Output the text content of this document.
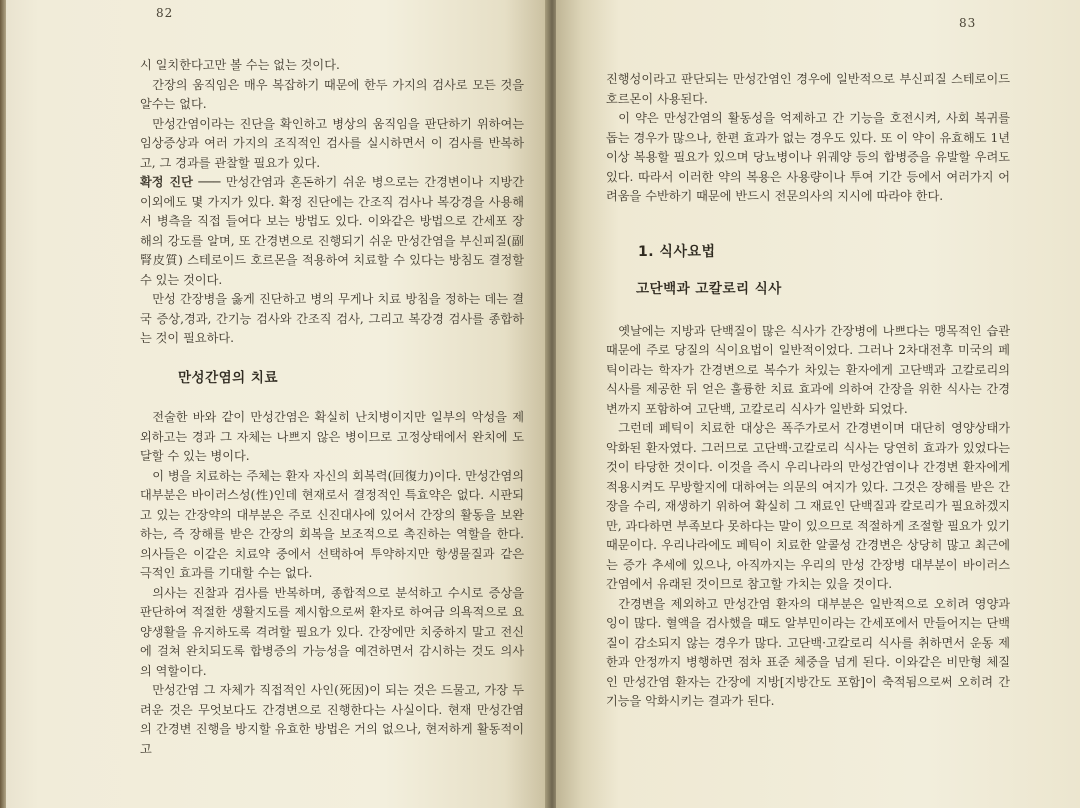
82

시 일치한다고만 볼 수는 없는 것이다.

간장의 움직임은 매우 복잡하기 때문에 한두 가지의 검사로 모든 것을 알수는 없다.

만성간염이라는 진단을 확인하고 병상의 움직임을 판단하기 위하여는 임상증상과 여러 가지의 조직적인 검사를 실시하면서 이 검사를 반복하고, 그 경과를 관찰할 필요가 있다.

확정 진단 ─── 만성간염과 혼돈하기 쉬운 병으로는 간경변이나 지방간 이외에도 몇 가지가 있다. 확정 진단에는 간조직 검사나 복강경을 사용해서 병측을 직접 들여다 보는 방법도 있다. 이와같은 방법으로 간세포 장해의 강도를 알며, 또 간경변으로 진행되기 쉬운 만성간염을 부신피질(副腎皮質) 스테로이드 호르몬을 적용하여 치료할 수 있다는 방침도 결정할 수 있는 것이다.

만성 간장병을 옳게 진단하고 병의 무게나 치료 방침을 정하는 데는 결국 증상,경과, 간기능 검사와 간조직 검사, 그리고 복강경 검사를 종합하는 것이 필요하다.

만성간염의 치료

전술한 바와 같이 만성간염은 확실히 난치병이지만 일부의 악성을 제외하고는 경과 그 자체는 나쁘지 않은 병이므로 고정상태에서 완치에 도달할 수 있는 병이다.

이 병을 치료하는 주체는 환자 자신의 회복력(回復力)이다. 만성간염의 대부분은 바이러스성(性)인데 현재로서 결정적인 특효약은 없다. 시판되고 있는 간장약의 대부분은 주로 신진대사에 있어서 간장의 활동을 보완하는, 즉 장해를 받은 간장의 회복을 보조적으로 촉진하는 역할을 한다. 의사들은 이같은 치료약 중에서 선택하여 투약하지만 항생물질과 같은 극적인 효과를 기대할 수는 없다.

의사는 진찰과 검사를 반복하며, 종합적으로 분석하고 수시로 증상을 판단하여 적절한 생활지도를 제시함으로써 환자로 하여금 의욕적으로 요양생활을 유지하도록 격려할 필요가 있다. 간장에만 치중하지 말고 전신에 걸쳐 완치되도록 합병증의 가능성을 예견하면서 감시하는 것도 의사의 역할이다.

만성간염 그 자체가 직접적인 사인(死因)이 되는 것은 드물고, 가장 두려운 것은 무엇보다도 간경변으로 진행한다는 사실이다. 현재 만성간염의 간경변 진행을 방지할 유효한 방법은 거의 없으나, 현저하게 활동적이고

83

진행성이라고 판단되는 만성간염인 경우에 일반적으로 부신피질 스테로이드 호르몬이 사용된다.

이 약은 만성간염의 활동성을 억제하고 간 기능을 호전시켜, 사회 복귀를 돕는 경우가 많으나, 한편 효과가 없는 경우도 있다. 또 이 약이 유효해도 1년 이상 복용할 필요가 있으며 당뇨병이나 위궤양 등의 합병증을 유발할 우려도 있다. 따라서 이러한 약의 복용은 사용량이나 투여 기간 등에서 여러가지 어려움을 수반하기 때문에 반드시 전문의사의 지시에 따라야 한다.

1. 식사요법
고단백과 고칼로리 식사

옛날에는 지방과 단백질이 많은 식사가 간장병에 나쁘다는 맹목적인 습관때문에 주로 당질의 식이요법이 일반적이었다. 그러나 2차대전후 미국의 페틱이라는 학자가 간경변으로 복수가 차있는 환자에게 고단백과 고칼로리의 식사를 제공한 뒤 얻은 훌륭한 치료 효과에 의하여 간장을 위한 식사는 간경변까지 포함하여 고단백, 고칼로리 식사가 일반화 되었다.

그런데 페틱이 치료한 대상은 폭주가로서 간경변이며 대단히 영양상태가 악화된 환자였다. 그러므로 고단백·고칼로리 식사는 당연히 효과가 있었다는 것이 타당한 것이다. 이것을 즉시 우리나라의 만성간염이나 간경변 환자에게 적용시켜도 무방할지에 대하여는 의문의 여지가 있다. 그것은 장해를 받은 간장을 수리, 재생하기 위하여 확실히 그 재료인 단백질과 칼로리가 필요하겠지만, 과다하면 부족보다 못하다는 말이 있으므로 적절하게 조절할 필요가 있기 때문이다. 우리나라에도 페틱이 치료한 알콜성 간경변은 상당히 많고 최근에는 증가 추세에 있으나, 아직까지는 우리의 만성 간장병 대부분이 바이러스 간염에서 유래된 것이므로 참고할 가치는 있을 것이다.

간경변을 제외하고 만성간염 환자의 대부분은 일반적으로 오히려 영양과잉이 많다. 혈액을 검사했을 때도 알부민이라는 간세포에서 만들어지는 단백질이 감소되지 않는 경우가 많다. 고단백·고칼로리 식사를 취하면서 운동 제한과 안정까지 병행하면 점차 표준 체중을 넘게 된다. 이와같은 비만형 체질인 만성간염 환자는 간장에 지방[지방간도 포함]이 축적됨으로써 오히려 간기능을 악화시키는 결과가 된다.
